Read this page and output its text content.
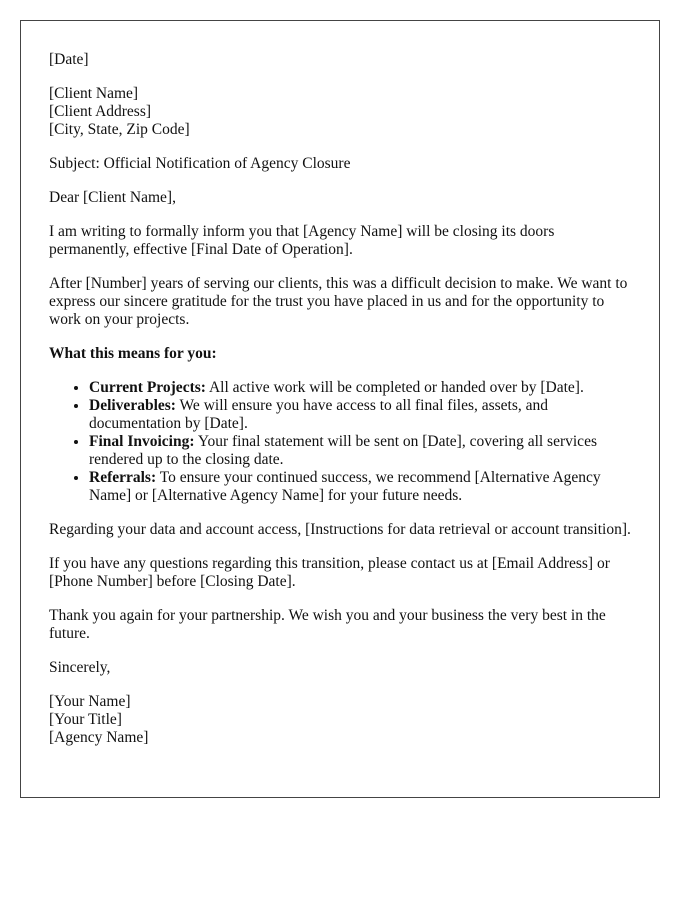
[Date]

[Client Name]
[Client Address]
[City, State, Zip Code]

Subject: Official Notification of Agency Closure

Dear [Client Name],

I am writing to formally inform you that [Agency Name] will be closing its doors permanently, effective [Final Date of Operation].

After [Number] years of serving our clients, this was a difficult decision to make. We want to express our sincere gratitude for the trust you have placed in us and for the opportunity to work on your projects.

What this means for you:

• Current Projects: All active work will be completed or handed over by [Date].
• Deliverables: We will ensure you have access to all final files, assets, and documentation by [Date].
• Final Invoicing: Your final statement will be sent on [Date], covering all services rendered up to the closing date.
• Referrals: To ensure your continued success, we recommend [Alternative Agency Name] or [Alternative Agency Name] for your future needs.

Regarding your data and account access, [Instructions for data retrieval or account transition].

If you have any questions regarding this transition, please contact us at [Email Address] or [Phone Number] before [Closing Date].

Thank you again for your partnership. We wish you and your business the very best in the future.

Sincerely,

[Your Name]
[Your Title]
[Agency Name]
